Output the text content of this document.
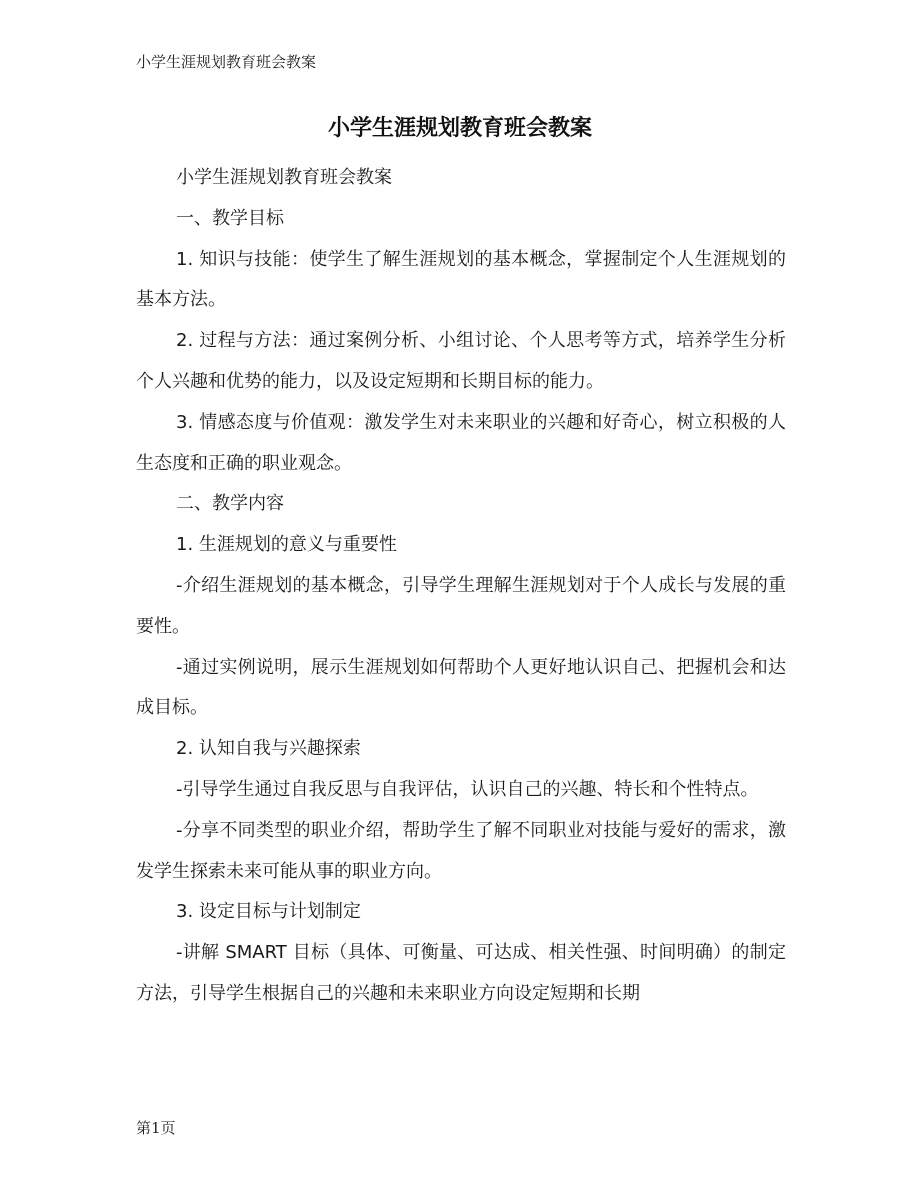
小学生涯规划教育班会教案
小学生涯规划教育班会教案

小学生涯规划教育班会教案

一、教学目标

1. 知识与技能：使学生了解生涯规划的基本概念，掌握制定个人生涯规划的基本方法。

2. 过程与方法：通过案例分析、小组讨论、个人思考等方式，培养学生分析个人兴趣和优势的能力，以及设定短期和长期目标的能力。

3. 情感态度与价值观：激发学生对未来职业的兴趣和好奇心，树立积极的人生态度和正确的职业观念。

二、教学内容

1. 生涯规划的意义与重要性

-介绍生涯规划的基本概念，引导学生理解生涯规划对于个人成长与发展的重要性。

-通过实例说明，展示生涯规划如何帮助个人更好地认识自己、把握机会和达成目标。

2. 认知自我与兴趣探索

-引导学生通过自我反思与自我评估，认识自己的兴趣、特长和个性特点。

-分享不同类型的职业介绍，帮助学生了解不同职业对技能与爱好的需求，激发学生探索未来可能从事的职业方向。

3. 设定目标与计划制定

-讲解 SMART 目标（具体、可衡量、可达成、相关性强、时间明确）的制定方法，引导学生根据自己的兴趣和未来职业方向设定短期和长期

第1页
